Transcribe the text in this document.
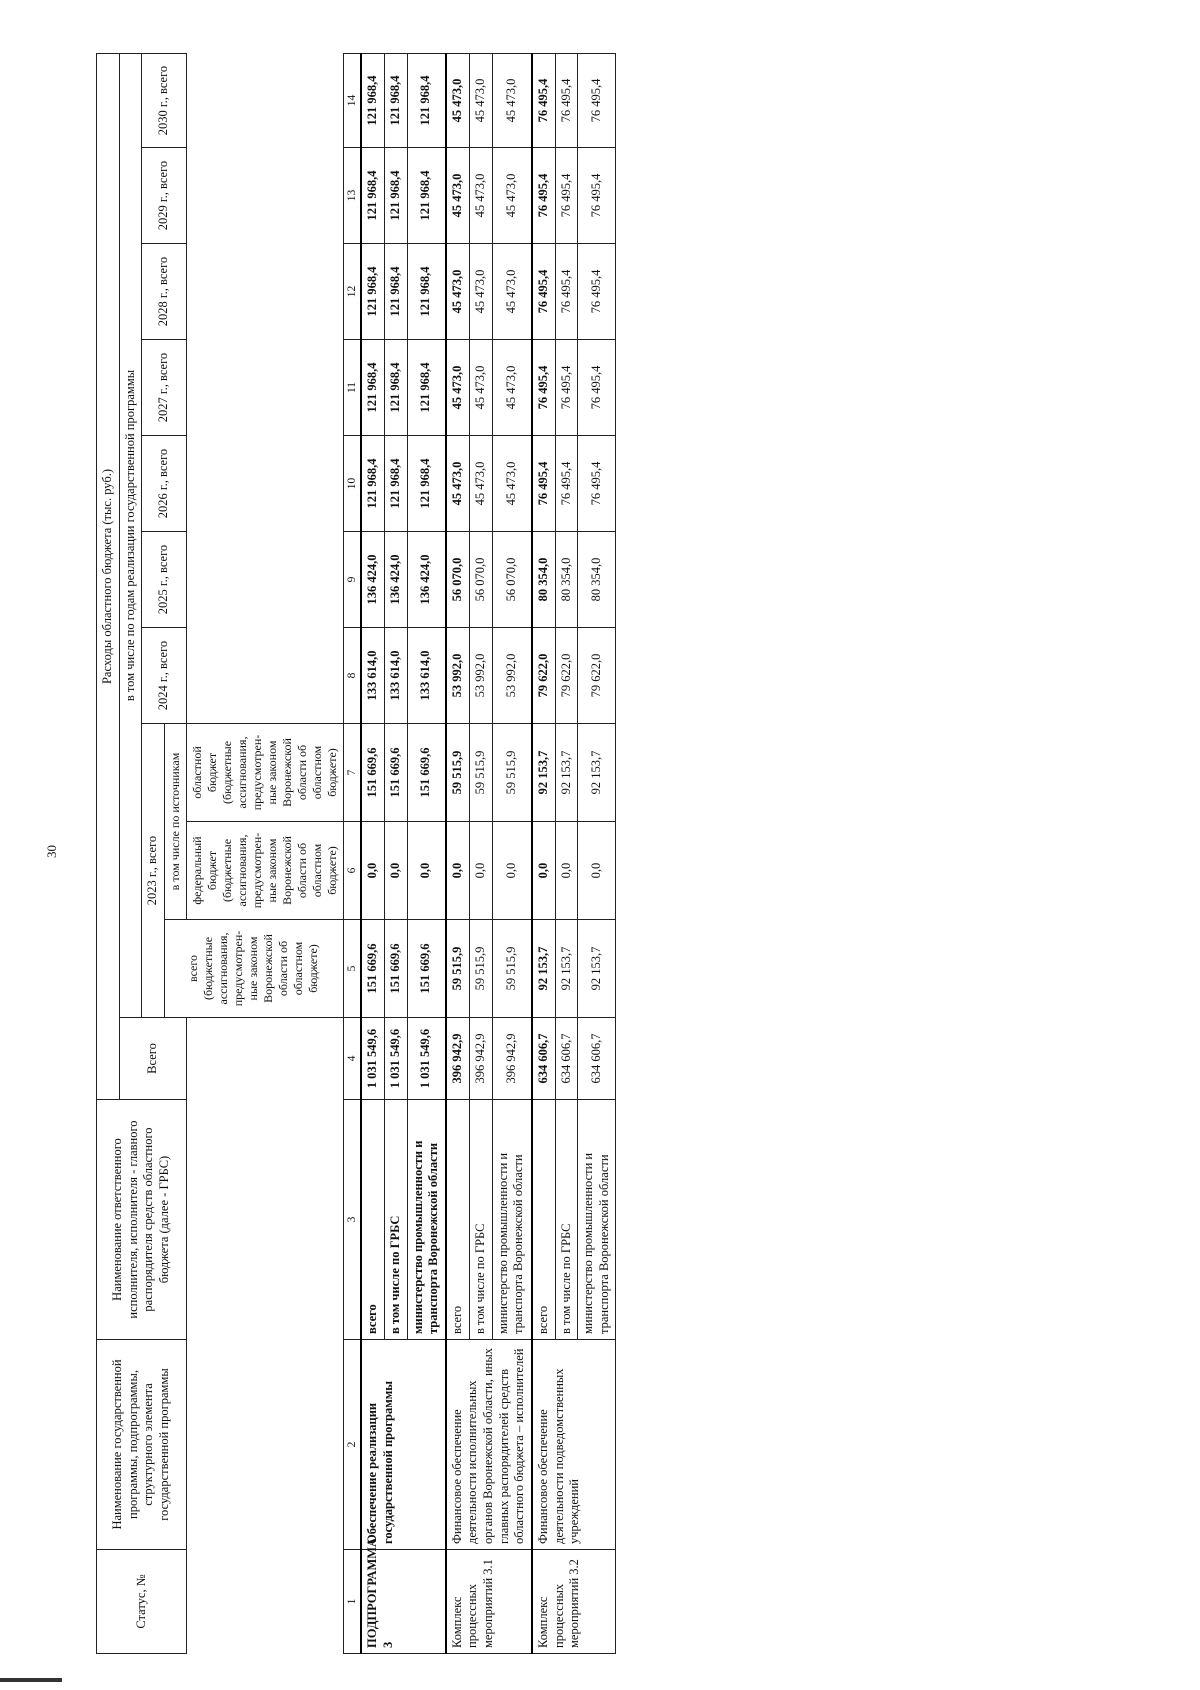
30
Статус, №	Наименование государственной программы, подпрограммы, структурного элемента государственной программы	Наименование ответственного исполнителя, исполнителя - главного распорядителя средств областного бюджета (далее - ГРБС)	Расходы областного бюджета (тыс. руб.)										
			Всего	в том числе по годам реализации государственной программы									
				2023 г., всего			2024 г., всего	2025 г., всего	2026 г., всего	2027 г., всего	2028 г., всего	2029 г., всего	2030 г., всего
				всего (бюджетные ассигнования, предусмотрен-ные законом Воронежской области об областном бюджете)	в том числе по источникам								
					федеральный бюджет (бюджетные ассигнования, предусмотрен-ные законом Воронежской области об областном бюджете)	областной бюджет (бюджетные ассигнования, предусмотрен-ные законом Воронежской области об областном бюджете)							
1	2	3	4	5	6	7	8	9	10	11	12	13	14
ПОДПРОГРАММА 3	Обеспечение реализации государственной программы	всего	1 031 549,6	151 669,6	0,0	151 669,6	133 614,0	136 424,0	121 968,4	121 968,4	121 968,4	121 968,4	121 968,4
		в том числе по ГРБС	1 031 549,6	151 669,6	0,0	151 669,6	133 614,0	136 424,0	121 968,4	121 968,4	121 968,4	121 968,4	121 968,4
		министерство промышленности и транспорта Воронежской области	1 031 549,6	151 669,6	0,0	151 669,6	133 614,0	136 424,0	121 968,4	121 968,4	121 968,4	121 968,4	121 968,4
Комплекс процессных мероприятий 3.1	Финансовое обеспечение деятельности исполнительных органов Воронежской области, иных главных распорядителей средств областного бюджета – исполнителей	всего	396 942,9	59 515,9	0,0	59 515,9	53 992,0	56 070,0	45 473,0	45 473,0	45 473,0	45 473,0	45 473,0
		в том числе по ГРБС	396 942,9	59 515,9	0,0	59 515,9	53 992,0	56 070,0	45 473,0	45 473,0	45 473,0	45 473,0	45 473,0
		министерство промышленности и транспорта Воронежской области	396 942,9	59 515,9	0,0	59 515,9	53 992,0	56 070,0	45 473,0	45 473,0	45 473,0	45 473,0	45 473,0
Комплекс процессных мероприятий 3.2	Финансовое обеспечение деятельности подведомственных учреждений	всего	634 606,7	92 153,7	0,0	92 153,7	79 622,0	80 354,0	76 495,4	76 495,4	76 495,4	76 495,4	76 495,4
		в том числе по ГРБС	634 606,7	92 153,7	0,0	92 153,7	79 622,0	80 354,0	76 495,4	76 495,4	76 495,4	76 495,4	76 495,4
		министерство промышленности и транспорта Воронежской области	634 606,7	92 153,7	0,0	92 153,7	79 622,0	80 354,0	76 495,4	76 495,4	76 495,4	76 495,4	76 495,4
